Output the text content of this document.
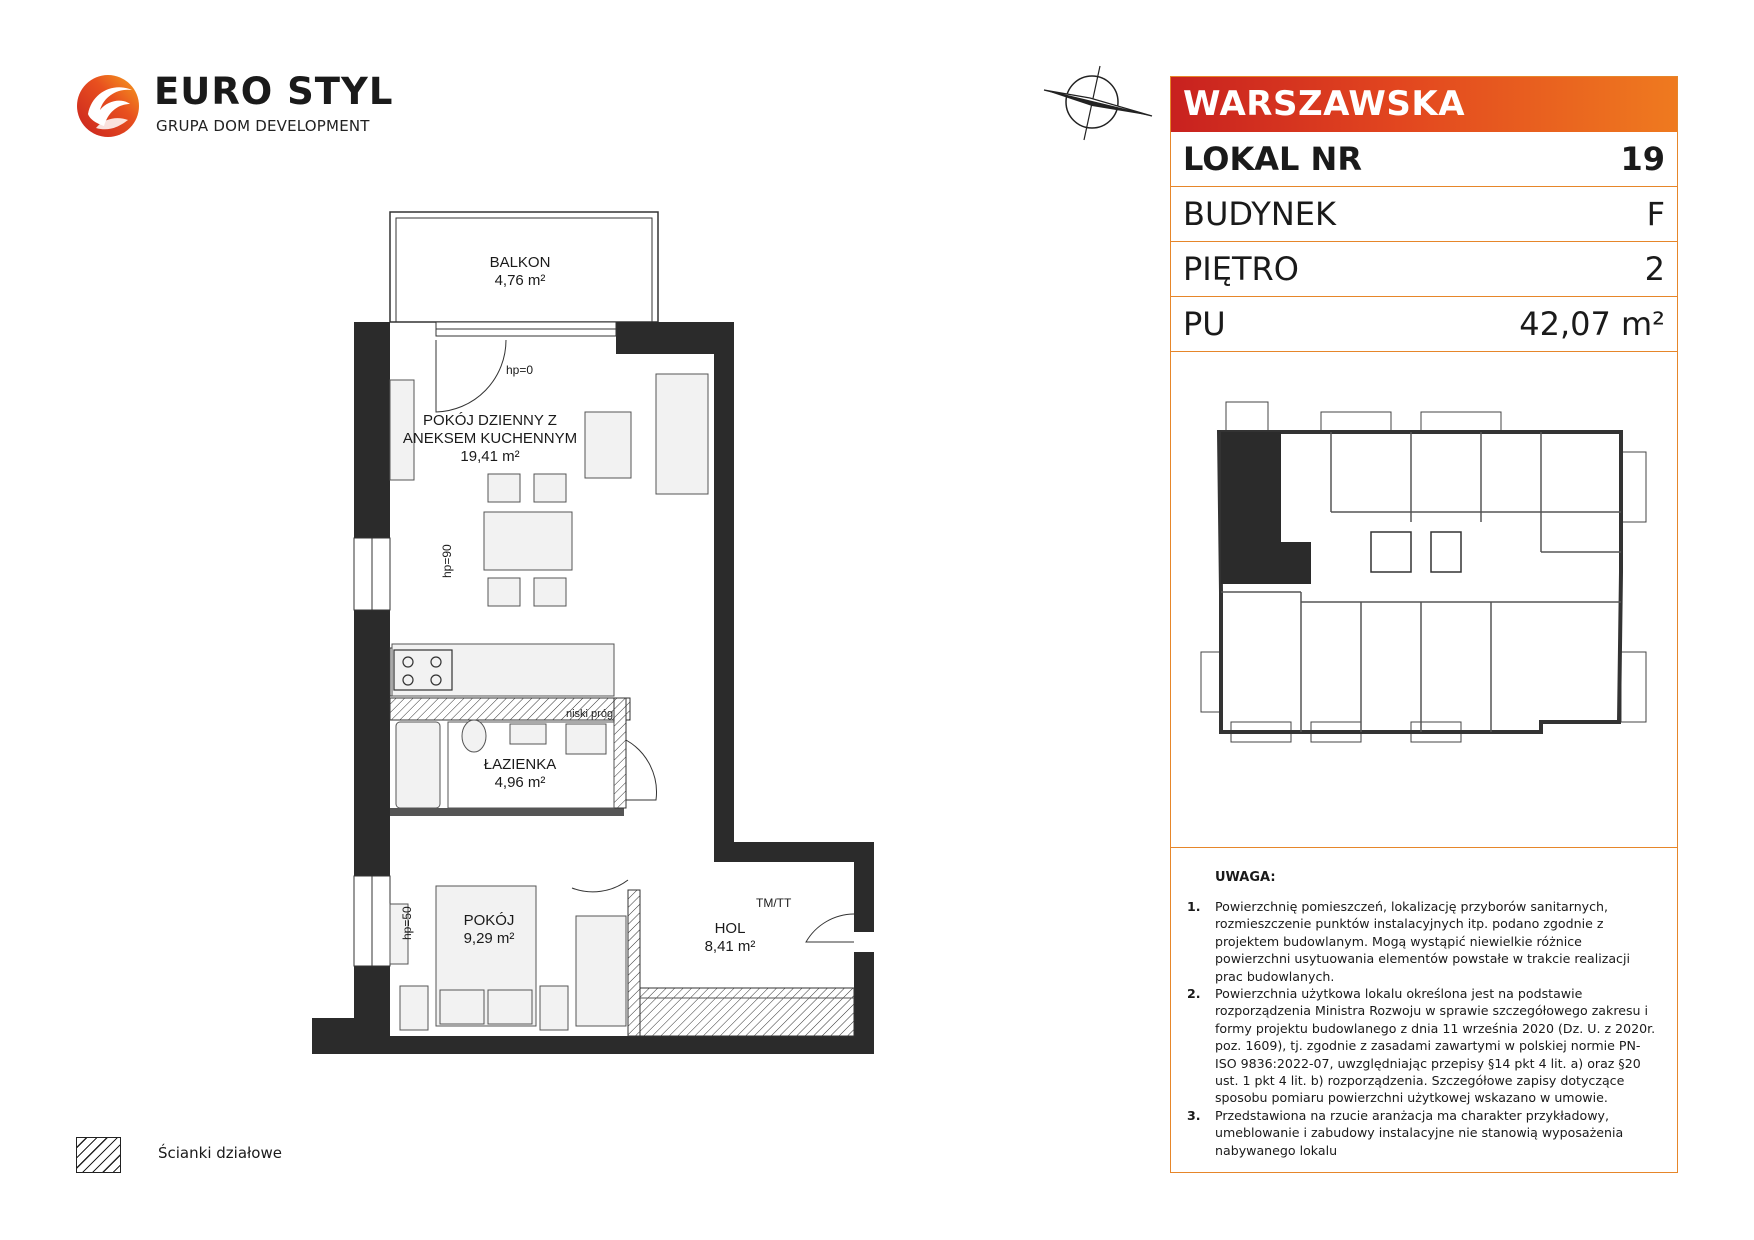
EURO STYL
GRUPA DOM DEVELOPMENT
BALKON
4,76 m²
POKÓJ DZIENNY Z
ANEKSEM KUCHENNYM
19,41 m²
ŁAZIENKA
4,96 m²
POKÓJ
9,29 m²
HOL
8,41 m²
hp=0
hp=90
hp=50
niski próg
TM/TT
Ścianki działowe
WARSZAWSKA
LOKAL NR	19
BUDYNEK	F
PIĘTRO	2
PU	42,07 m²
UWAGA:
1. Powierzchnię pomieszczeń, lokalizację przyborów sanitarnych, rozmieszczenie punktów instalacyjnych itp. podano zgodnie z projektem budowlanym. Mogą wystąpić niewielkie różnice powierzchni usytuowania elementów powstałe w trakcie realizacji prac budowlanych.
2. Powierzchnia użytkowa lokalu określona jest na podstawie rozporządzenia Ministra Rozwoju w sprawie szczegółowego zakresu i formy projektu budowlanego z dnia 11 września 2020 (Dz. U. z 2020r. poz. 1609), tj. zgodnie z zasadami zawartymi w polskiej normie PN-ISO 9836:2022-07, uwzględniając przepisy §14 pkt 4 lit. a) oraz §20 ust. 1 pkt 4 lit. b) rozporządzenia. Szczegółowe zapisy dotyczące sposobu pomiaru powierzchni użytkowej wskazano w umowie.
3. Przedstawiona na rzucie aranżacja ma charakter przykładowy, umeblowanie i zabudowy instalacyjne nie stanowią wyposażenia nabywanego lokalu
